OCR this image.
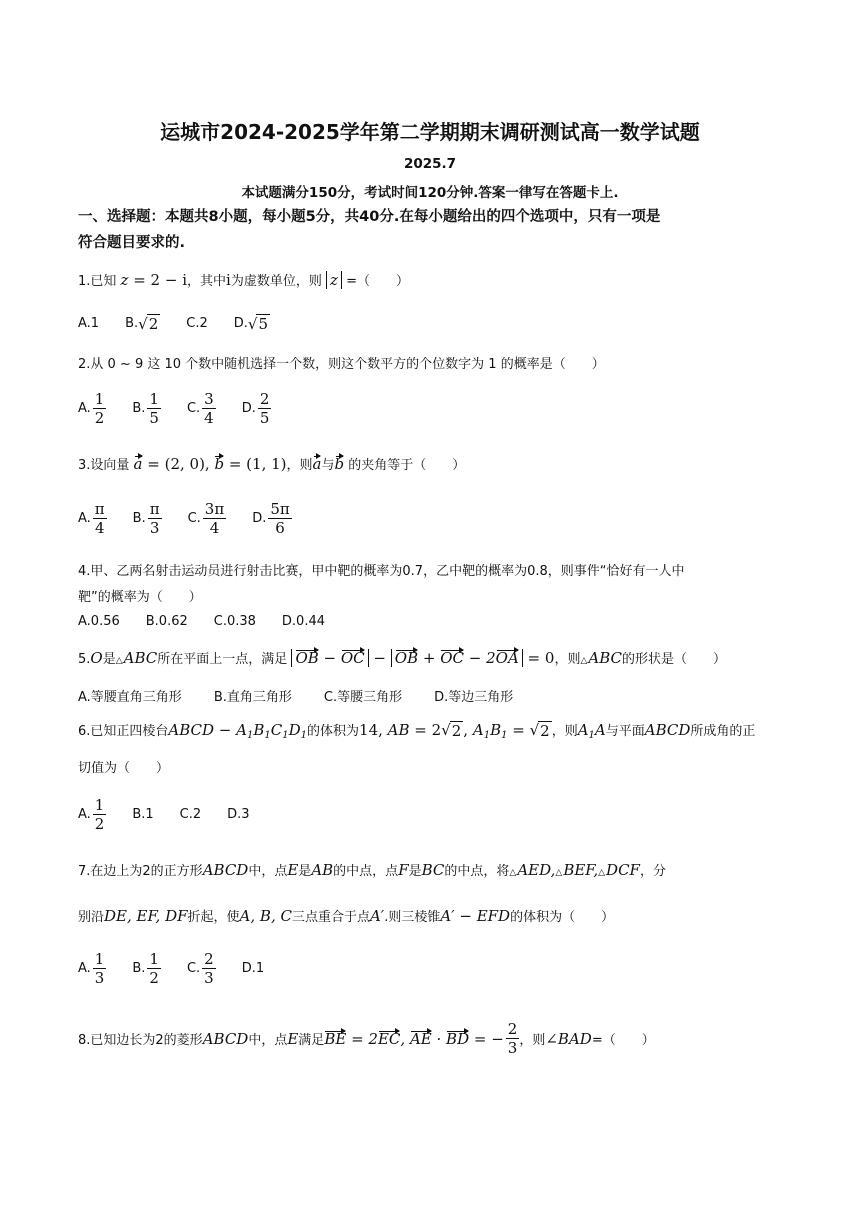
运城市2024-2025学年第二学期期末调研测试高一数学试题
2025.7
本试题满分150分，考试时间120分钟.答案一律写在答题卡上.
一、选择题：本题共8小题，每小题5分，共40分.在每小题给出的四个选项中，只有一项是
符合题目要求的.
1.已知 z = 2 − i，其中i为虚数单位，则 z =（　　）
A.1 B. √ 2 C.2 D. √ 5
2.从 0 ~ 9 这 10 个数中随机选择一个数，则这个数平方的个位数字为 1 的概率是（　　）
A. $\frac{1}{2} B$. $\frac{1}{5} C$. $\frac{3}{4} D$. $\frac{2}{5}$
3.设向量 a = (2, 0), b = (1, 1)，则a与b 的夹角等于（　　）
A. $\frac{\pi}{4} B$. $\frac{\pi}{3} C$. $\frac{3\pi}{4} D$. $\frac{5\pi}{6}$
4.甲、乙两名射击运动员进行射击比赛，甲中靶的概率为0.7，乙中靶的概率为0.8，则事件“恰好有一人中
靶”的概率为（　　）
A.0.56 B.0.62 C.0.38 D.0.44
5.O是△ABC所在平面上一点，满足 OB − OC − OB + OC − 2OA = 0，则△ABC的形状是（　　）
A.等腰直角三角形 B.直角三角形 C.等腰三角形 D.等边三角形
6.已知正四棱台ABCD − $A_1B_1C_1D_1$的体积为14, AB = 2√ 2 , $A_1B_1$ = √ 2 ，则$A_1A$与平面ABCD所成角的正
切值为（　　）
A. $\frac{1}{2} B.1$ C.2 D.3
7.在边上为2的正方形ABCD中，点E是AB的中点，点F是BC的中点，将△AED,△BEF,△DCF，分
别沿DE, EF, DF折起，使A, B, C三点重合于点A′.则三棱锥A′ − EFD的体积为（　　）
A. $\frac{1}{3} B$. $\frac{1}{2} C$. $\frac{2}{3} D.1$
8.已知边长为2的菱形 ABCD 中，点 E 满足 BE = 2EC, AE · BD = − $\frac{2}{3}$ ，则 ∠BAD =（　　）
